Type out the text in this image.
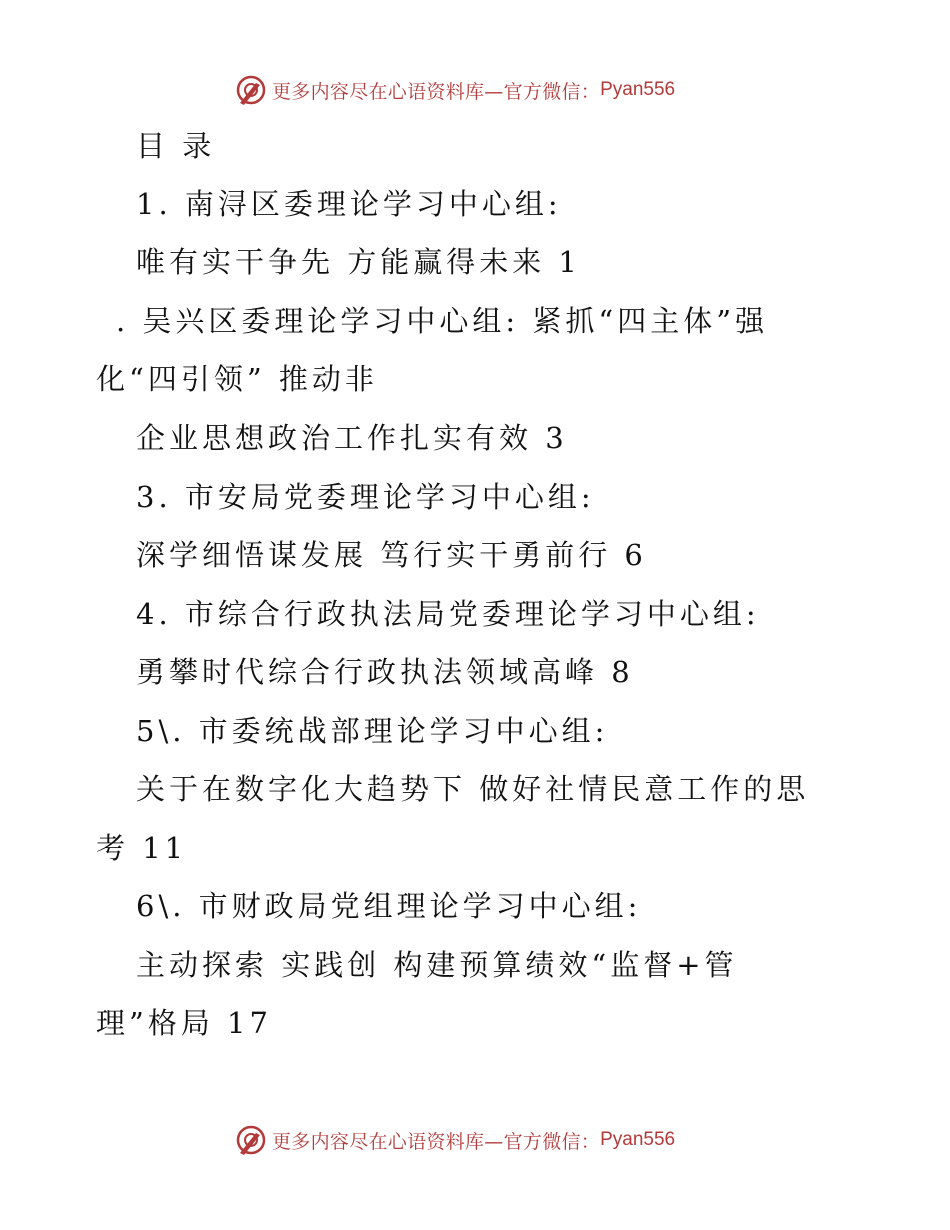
更多内容尽在心语资料库—官方微信： Pyan556
目 录
1. 南浔区委理论学习中心组:
唯有实干争先 方能赢得未来 1
. 吴兴区委理论学习中心组: 紧抓“四主体”强
化“四引领” 推动非
企业思想政治工作扎实有效 3
3. 市安局党委理论学习中心组:
深学细悟谋发展 笃行实干勇前行 6
4. 市综合行政执法局党委理论学习中心组:
勇攀时代综合行政执法领域高峰 8
5\. 市委统战部理论学习中心组:
关于在数字化大趋势下 做好社情民意工作的思
考 11
6\. 市财政局党组理论学习中心组:
主动探索 实践创 构建预算绩效“监督+管
理”格局 17
更多内容尽在心语资料库—官方微信： Pyan556
